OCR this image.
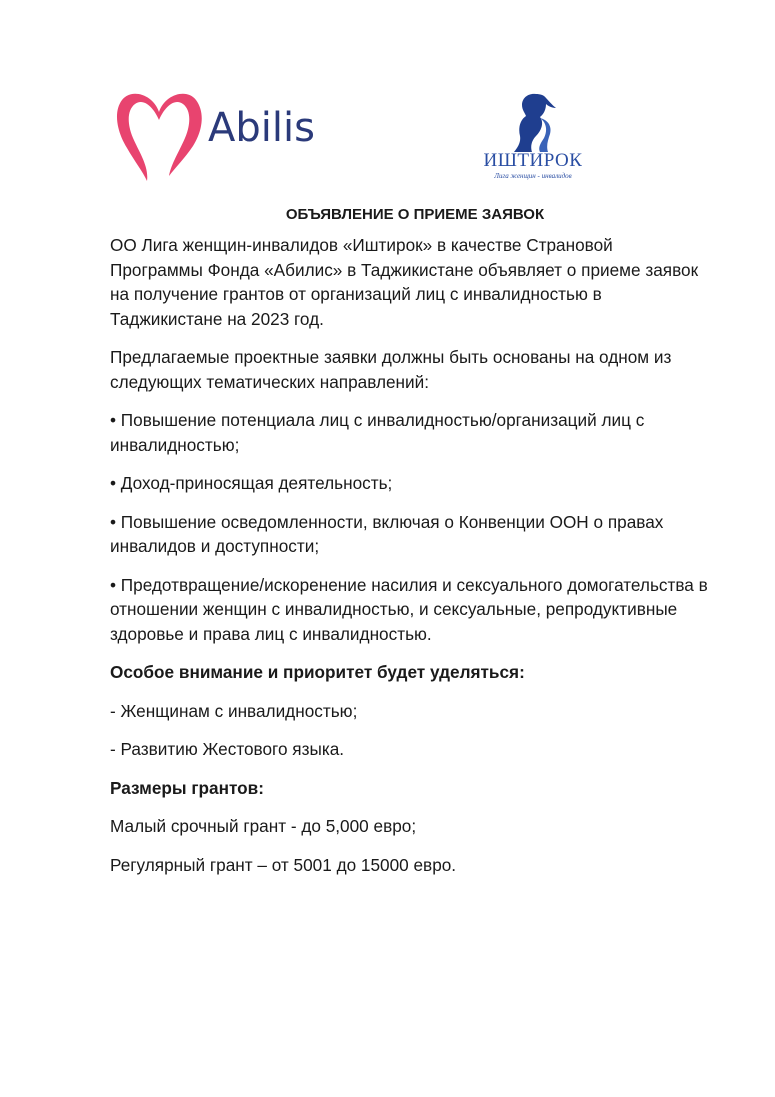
Abilis
ИШТИРОК
Лига женщин - инвалидов
ОБЪЯВЛЕНИЕ О ПРИЕМЕ ЗАЯВОК

ОО Лига женщин-инвалидов «Иштирок» в качестве Страновой Программы Фонда «Абилис» в Таджикистане объявляет о приеме заявок на получение грантов от организаций лиц с инвалидностью в Таджикистане на 2023 год.

Предлагаемые проектные заявки должны быть основаны на одном из следующих тематических направлений:

• Повышение потенциала лиц с инвалидностью/организаций лиц с инвалидностью;

• Доход-приносящая деятельность;

• Повышение осведомленности, включая о Конвенции ООН о правах инвалидов и доступности;

• Предотвращение/искоренение насилия и сексуального домогательства в отношении женщин с инвалидностью, и сексуальные, репродуктивные здоровье и права лиц с инвалидностью.

Особое внимание и приоритет будет уделяться:

- Женщинам с инвалидностью;

- Развитию Жестового языка.

Размеры грантов:

Малый срочный грант - до 5,000 евро;

Регулярный грант – от 5001 до 15000 евро.
